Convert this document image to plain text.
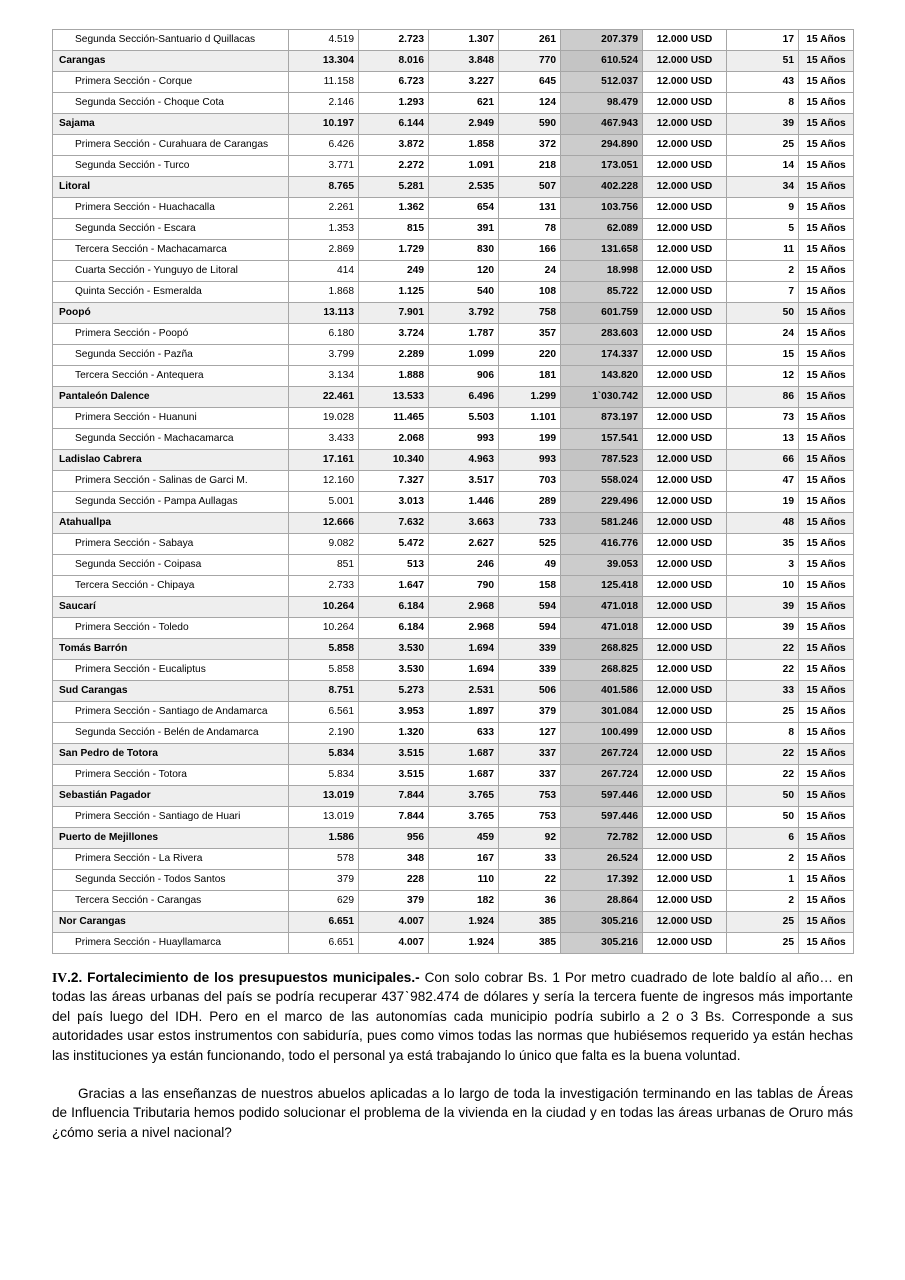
Segunda Sección-Santuario d Quillacas	4.519	2.723	1.307	261	207.379	12.000 USD	17	15 Años
Carangas	13.304	8.016	3.848	770	610.524	12.000 USD	51	15 Años
Primera Sección - Corque	11.158	6.723	3.227	645	512.037	12.000 USD	43	15 Años
Segunda Sección - Choque Cota	2.146	1.293	621	124	98.479	12.000 USD	8	15 Años
Sajama	10.197	6.144	2.949	590	467.943	12.000 USD	39	15 Años
Primera Sección - Curahuara de Carangas	6.426	3.872	1.858	372	294.890	12.000 USD	25	15 Años
Segunda Sección - Turco	3.771	2.272	1.091	218	173.051	12.000 USD	14	15 Años
Litoral	8.765	5.281	2.535	507	402.228	12.000 USD	34	15 Años
Primera Sección - Huachacalla	2.261	1.362	654	131	103.756	12.000 USD	9	15 Años
Segunda Sección - Escara	1.353	815	391	78	62.089	12.000 USD	5	15 Años
Tercera Sección - Machacamarca	2.869	1.729	830	166	131.658	12.000 USD	11	15 Años
Cuarta Sección - Yunguyo de Litoral	414	249	120	24	18.998	12.000 USD	2	15 Años
Quinta Sección - Esmeralda	1.868	1.125	540	108	85.722	12.000 USD	7	15 Años
Poopó	13.113	7.901	3.792	758	601.759	12.000 USD	50	15 Años
Primera Sección - Poopó	6.180	3.724	1.787	357	283.603	12.000 USD	24	15 Años
Segunda Sección - Pazña	3.799	2.289	1.099	220	174.337	12.000 USD	15	15 Años
Tercera Sección - Antequera	3.134	1.888	906	181	143.820	12.000 USD	12	15 Años
Pantaleón Dalence	22.461	13.533	6.496	1.299	1`030.742	12.000 USD	86	15 Años
Primera Sección - Huanuni	19.028	11.465	5.503	1.101	873.197	12.000 USD	73	15 Años
Segunda Sección - Machacamarca	3.433	2.068	993	199	157.541	12.000 USD	13	15 Años
Ladislao Cabrera	17.161	10.340	4.963	993	787.523	12.000 USD	66	15 Años
Primera Sección - Salinas de Garci M.	12.160	7.327	3.517	703	558.024	12.000 USD	47	15 Años
Segunda Sección - Pampa Aullagas	5.001	3.013	1.446	289	229.496	12.000 USD	19	15 Años
Atahuallpa	12.666	7.632	3.663	733	581.246	12.000 USD	48	15 Años
Primera Sección - Sabaya	9.082	5.472	2.627	525	416.776	12.000 USD	35	15 Años
Segunda Sección - Coipasa	851	513	246	49	39.053	12.000 USD	3	15 Años
Tercera Sección - Chipaya	2.733	1.647	790	158	125.418	12.000 USD	10	15 Años
Saucarí	10.264	6.184	2.968	594	471.018	12.000 USD	39	15 Años
Primera Sección - Toledo	10.264	6.184	2.968	594	471.018	12.000 USD	39	15 Años
Tomás Barrón	5.858	3.530	1.694	339	268.825	12.000 USD	22	15 Años
Primera Sección - Eucaliptus	5.858	3.530	1.694	339	268.825	12.000 USD	22	15 Años
Sud Carangas	8.751	5.273	2.531	506	401.586	12.000 USD	33	15 Años
Primera Sección - Santiago de Andamarca	6.561	3.953	1.897	379	301.084	12.000 USD	25	15 Años
Segunda Sección - Belén de Andamarca	2.190	1.320	633	127	100.499	12.000 USD	8	15 Años
San Pedro de Totora	5.834	3.515	1.687	337	267.724	12.000 USD	22	15 Años
Primera Sección - Totora	5.834	3.515	1.687	337	267.724	12.000 USD	22	15 Años
Sebastián Pagador	13.019	7.844	3.765	753	597.446	12.000 USD	50	15 Años
Primera Sección - Santiago de Huari	13.019	7.844	3.765	753	597.446	12.000 USD	50	15 Años
Puerto de Mejillones	1.586	956	459	92	72.782	12.000 USD	6	15 Años
Primera Sección - La Rivera	578	348	167	33	26.524	12.000 USD	2	15 Años
Segunda Sección - Todos Santos	379	228	110	22	17.392	12.000 USD	1	15 Años
Tercera Sección - Carangas	629	379	182	36	28.864	12.000 USD	2	15 Años
Nor Carangas	6.651	4.007	1.924	385	305.216	12.000 USD	25	15 Años
Primera Sección - Huayllamarca	6.651	4.007	1.924	385	305.216	12.000 USD	25	15 Años

IV.2. Fortalecimiento de los presupuestos municipales.- Con solo cobrar Bs. 1 Por metro cuadrado de lote baldío al año… en todas las áreas urbanas del país se podría recuperar 437ˋ982.474 de dólares y sería la tercera fuente de ingresos más importante del país luego del IDH. Pero en el marco de las autonomías cada municipio podría subirlo a 2 o 3 Bs. Corresponde a sus autoridades usar estos instrumentos con sabiduría, pues como vimos todas las normas que hubiésemos requerido ya están hechas las instituciones ya están funcionando, todo el personal ya está trabajando lo único que falta es la buena voluntad.

Gracias a las enseñanzas de nuestros abuelos aplicadas a lo largo de toda la investigación terminando en las tablas de Áreas de Influencia Tributaria hemos podido solucionar el problema de la vivienda en la ciudad y en todas las áreas urbanas de Oruro más ¿cómo seria a nivel nacional?
